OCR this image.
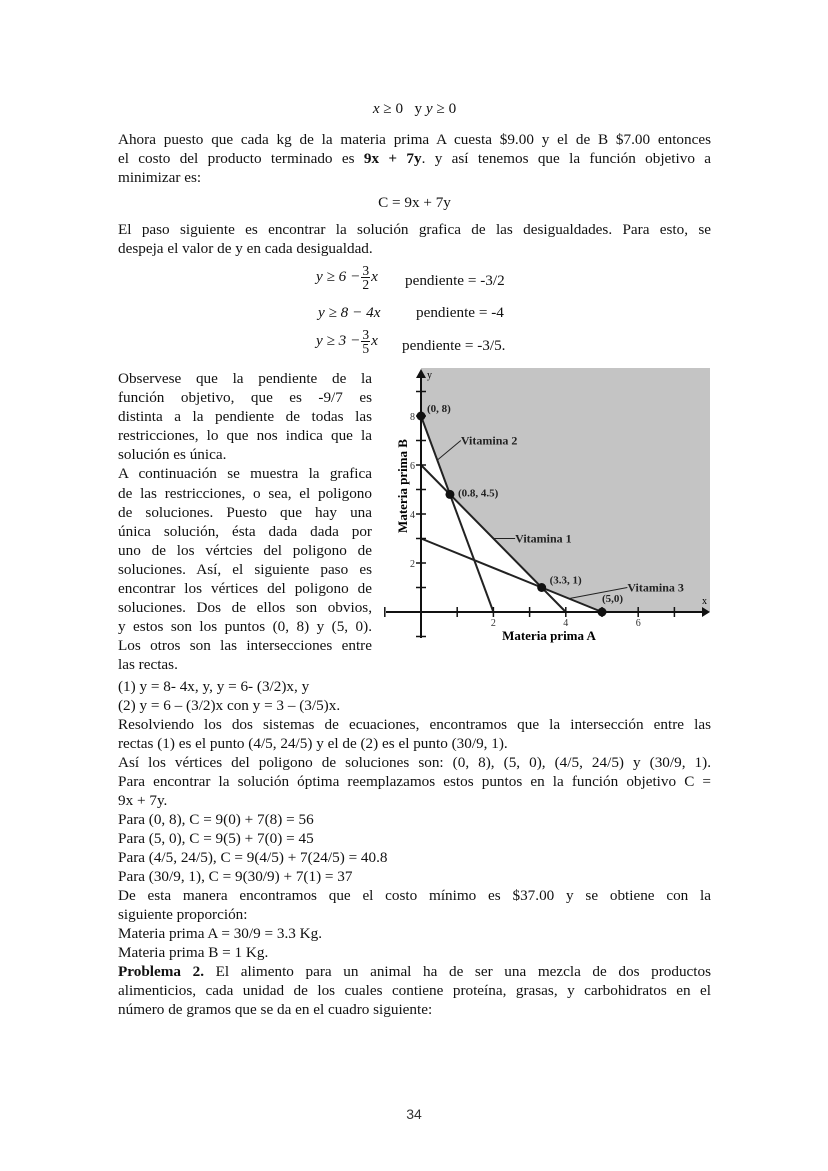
x ≥ 0 y y ≥ 0
Ahora puesto que cada kg de la materia prima A cuesta $9.00 y el de B $7.00 entonces
el costo del producto terminado es 9x + 7y. y así tenemos que la función objetivo a
minimizar es:
C = 9x + 7y
El paso siguiente es encontrar la solución grafica de las desigualdades. Para esto, se
despeja el valor de y en cada desigualdad.
$y \ge 6 - \frac{3}{2}$ x pendiente = -3/2
y ≥ 8 − 4x pendiente = -4
$y \ge 3 - \frac{3}{5}$ x pendiente = -3/5.
Observese que la pendiente de la
función objetivo, que es -9/7 es
distinta a la pendiente de todas las
restricciones, lo que nos indica que la
solución es única.
A continuación se muestra la grafica
de las restricciones, o sea, el poligono
de soluciones. Puesto que hay una
única solución, ésta dada dada por
uno de los vértcies del poligono de
soluciones. Así, el siguiente paso es
encontrar los vértices del poligono de
soluciones. Dos de ellos son obvios,
y estos son los puntos (0, 8) y (5, 0).
Los otros son las intersecciones entre
las rectas.
2	4	6
2
4
6
8
(0, 8)
(0.8, 4.5)
(3.3, 1)
(5,0)
Vitamina 2
Vitamina 1
Vitamina 3
Materia prima A
Materia prima B
x
y
(1) y = 8- 4x, y, y = 6- (3/2)x, y
(2) y = 6 – (3/2)x con y = 3 – (3/5)x.
Resolviendo los dos sistemas de ecuaciones, encontramos que la intersección entre las
rectas (1) es el punto (4/5, 24/5) y el de (2) es el punto (30/9, 1).
Así los vértices del poligono de soluciones son: (0, 8), (5, 0), (4/5, 24/5) y (30/9, 1).
Para encontrar la solución óptima reemplazamos estos puntos en la función objetivo C =
9x + 7y.
Para (0, 8), C = 9(0) + 7(8) = 56
Para (5, 0), C = 9(5) + 7(0) = 45
Para (4/5, 24/5), C = 9(4/5) + 7(24/5) = 40.8
Para (30/9, 1), C = 9(30/9) + 7(1) = 37
De esta manera encontramos que el costo mínimo es $37.00 y se obtiene con la
siguiente proporción:
Materia prima A = 30/9 = 3.3 Kg.
Materia prima B = 1 Kg.
Problema 2. El alimento para un animal ha de ser una mezcla de dos productos
alimenticios, cada unidad de los cuales contiene proteína, grasas, y carbohidratos en el
número de gramos que se da en el cuadro siguiente:
34
